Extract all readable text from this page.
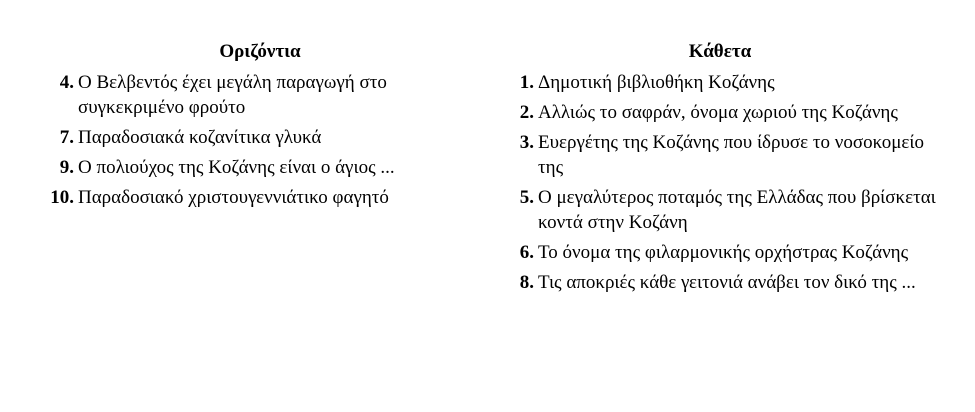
Οριζόντια
4. Ο Βελβεντός έχει μεγάλη παραγωγή στο συγκεκριμένο φρούτο
7. Παραδοσιακά κοζανίτικα γλυκά
9. Ο πολιούχος της Κοζάνης είναι ο άγιος ...
10. Παραδοσιακό χριστουγεννιάτικο φαγητό
Κάθετα
1. Δημοτική βιβλιοθήκη Κοζάνης
2. Αλλιώς το σαφράν, όνομα χωριού της Κοζάνης
3. Ευεργέτης της Κοζάνης που ίδρυσε το νοσοκομείο της
5. Ο μεγαλύτερος ποταμός της Ελλάδας που βρίσκεται κοντά στην Κοζάνη
6. Το όνομα της φιλαρμονικής ορχήστρας Κοζάνης
8. Τις αποκριές κάθε γειτονιά ανάβει τον δικό της ...
